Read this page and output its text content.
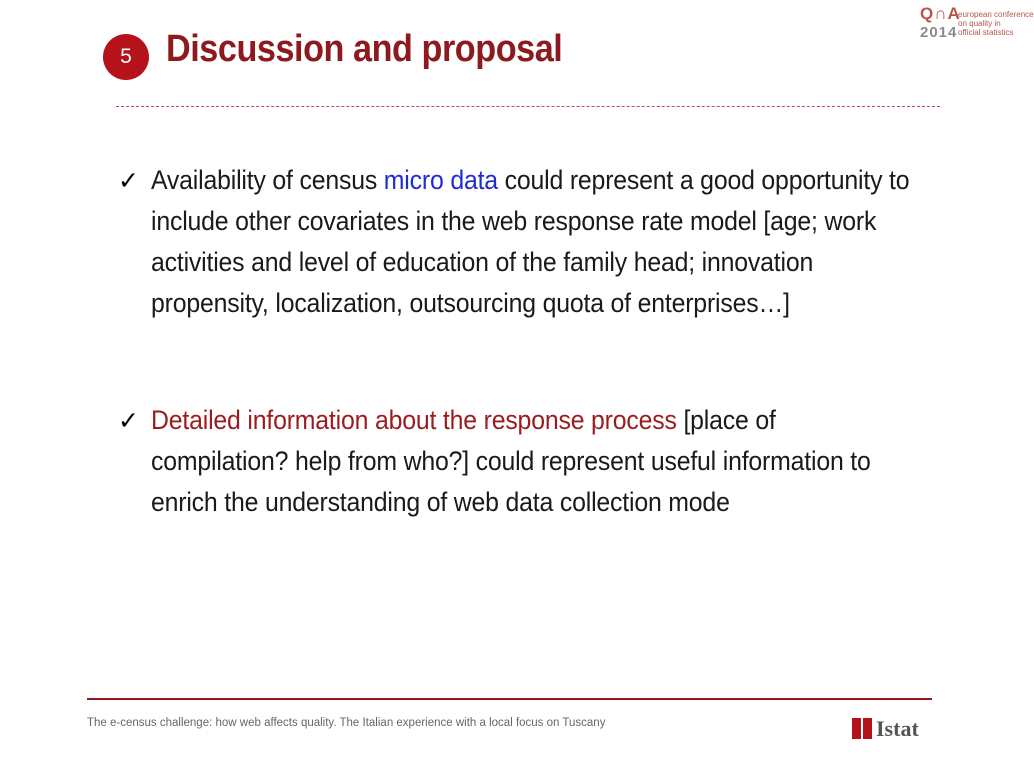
5 Discussion and proposal
Q∩A
2014
european conference
on quality in
official statistics
✓ Availability of census micro data could represent a good opportunity to include other covariates in the web response rate model [age; work activities and level of education of the family head; innovation propensity, localization, outsourcing quota of enterprises…]
✓ Detailed information about the response process [place of compilation? help from who?] could represent useful information to enrich the understanding of web data collection mode
The e-census challenge: how web affects quality. The Italian experience with a local focus on Tuscany	Istat
